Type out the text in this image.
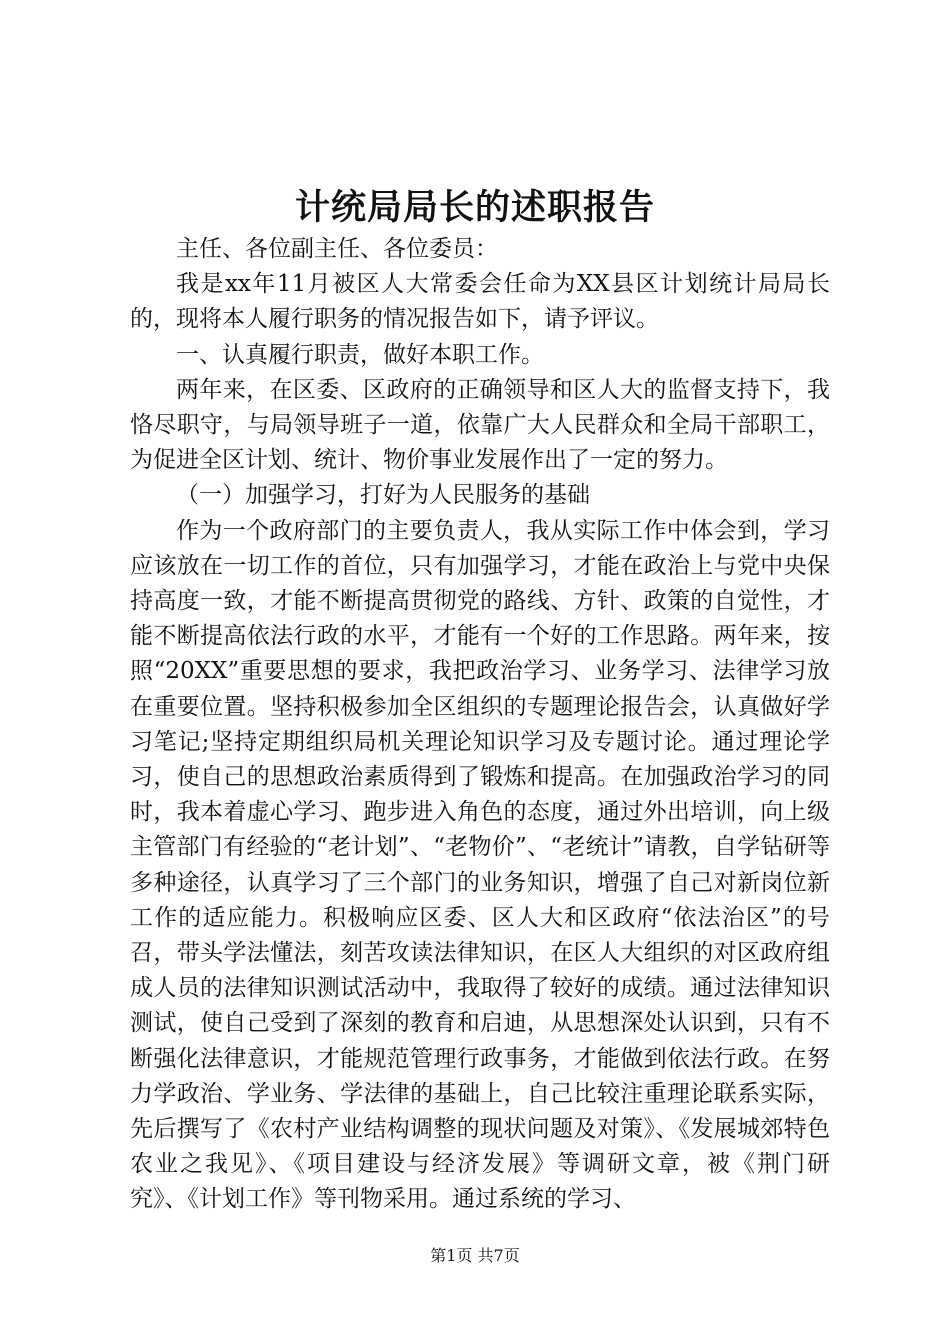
计统局局长的述职报告

主任、各位副主任、各位委员：

我是xx年11月被区人大常委会任命为XX县区计划统计局局长的，现将本人履行职务的情况报告如下，请予评议。

一、认真履行职责，做好本职工作。

两年来，在区委、区政府的正确领导和区人大的监督支持下，我恪尽职守，与局领导班子一道，依靠广大人民群众和全局干部职工，为促进全区计划、统计、物价事业发展作出了一定的努力。

（一）加强学习，打好为人民服务的基础

作为一个政府部门的主要负责人，我从实际工作中体会到，学习应该放在一切工作的首位，只有加强学习，才能在政治上与党中央保持高度一致，才能不断提高贯彻党的路线、方针、政策的自觉性，才能不断提高依法行政的水平，才能有一个好的工作思路。两年来，按照“20XX”重要思想的要求，我把政治学习、业务学习、法律学习放在重要位置。坚持积极参加全区组织的专题理论报告会，认真做好学习笔记;坚持定期组织局机关理论知识学习及专题讨论。通过理论学习，使自己的思想政治素质得到了锻炼和提高。在加强政治学习的同时，我本着虚心学习、跑步进入角色的态度，通过外出培训，向上级主管部门有经验的“老计划”、“老物价”、“老统计”请教，自学钻研等多种途径，认真学习了三个部门的业务知识，增强了自己对新岗位新工作的适应能力。积极响应区委、区人大和区政府“依法治区”的号召，带头学法懂法，刻苦攻读法律知识，在区人大组织的对区政府组成人员的法律知识测试活动中，我取得了较好的成绩。通过法律知识测试，使自己受到了深刻的教育和启迪，从思想深处认识到，只有不断强化法律意识，才能规范管理行政事务，才能做到依法行政。在努力学政治、学业务、学法律的基础上，自己比较注重理论联系实际，先后撰写了《农村产业结构调整的现状问题及对策》、《发展城郊特色农业之我见》、《项目建设与经济发展》等调研文章，被《荆门研究》、《计划工作》等刊物采用。通过系统的学习、

第1页 共7页
